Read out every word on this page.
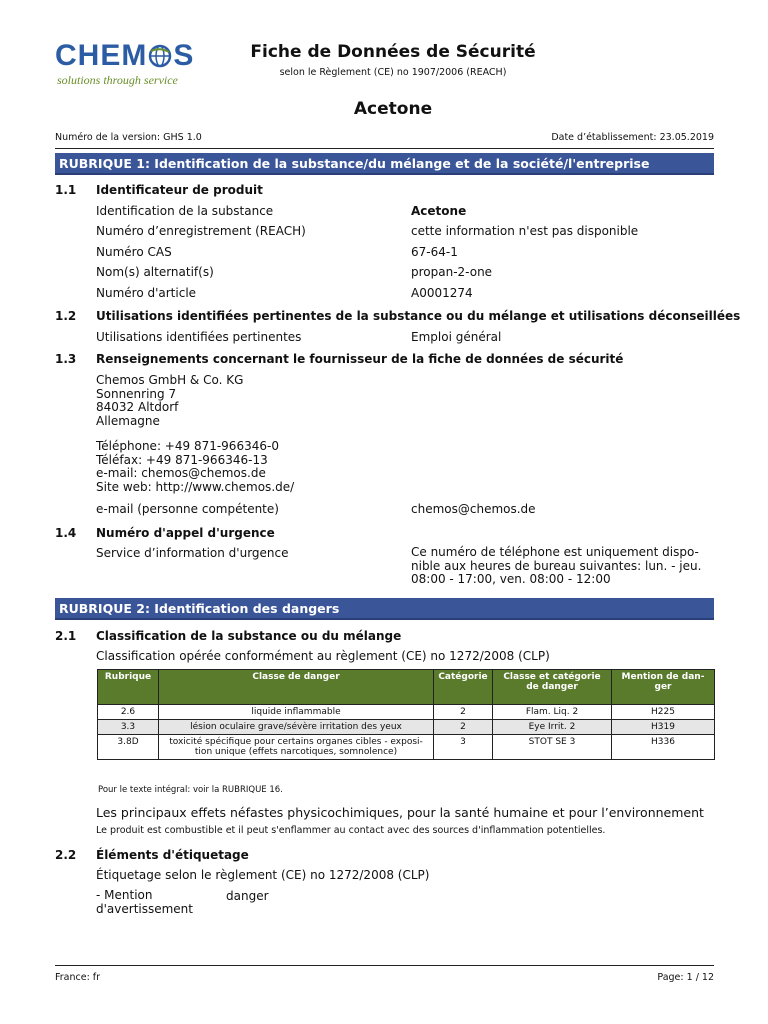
CHEM S
solutions through service
Fiche de Données de Sécurité
selon le Règlement (CE) no 1907/2006 (REACH)
Acetone
Numéro de la version: GHS 1.0	Date d’établissement: 23.05.2019
RUBRIQUE 1: Identification de la substance/du mélange et de la société/l'entreprise
1.1 Identificateur de produit
Identification de la substance	Acetone
Numéro d’enregistrement (REACH)	cette information n'est pas disponible
Numéro CAS	67-64-1
Nom(s) alternatif(s)	propan-2-one
Numéro d'article	A0001274
1.2 Utilisations identifiées pertinentes de la substance ou du mélange et utilisations déconseillées
Utilisations identifiées pertinentes	Emploi général
1.3 Renseignements concernant le fournisseur de la fiche de données de sécurité
Chemos GmbH & Co. KG
Sonnenring 7
84032 Altdorf
Allemagne
Téléphone: +49 871-966346-0
Téléfax: +49 871-966346-13
e-mail: chemos@chemos.de
Site web: http://www.chemos.de/
e-mail (personne compétente)	chemos@chemos.de
1.4 Numéro d'appel d'urgence
Service d’information d'urgence	Ce numéro de téléphone est uniquement dispo-
nible aux heures de bureau suivantes: lun. - jeu.
08:00 - 17:00, ven. 08:00 - 12:00
RUBRIQUE 2: Identification des dangers
2.1 Classification de la substance ou du mélange
Classification opérée conformément au règlement (CE) no 1272/2008 (CLP)
Rubrique	Classe de danger	Catégorie	Classe et catégorie de danger	Mention de dan-ger
2.6	liquide inflammable	2	Flam. Liq. 2	H225
3.3	lésion oculaire grave/sévère irritation des yeux	2	Eye Irrit. 2	H319
3.8D	toxicité spécifique pour certains organes cibles - exposi-tion unique (effets narcotiques, somnolence)	3	STOT SE 3	H336
Pour le texte intégral: voir la RUBRIQUE 16.
Les principaux effets néfastes physicochimiques, pour la santé humaine et pour l’environnement
Le produit est combustible et il peut s'enflammer au contact avec des sources d'inflammation potentielles.
2.2 Éléments d'étiquetage
Étiquetage selon le règlement (CE) no 1272/2008 (CLP)
- Mention
d'avertissement
danger
France: fr	Page: 1 / 12
